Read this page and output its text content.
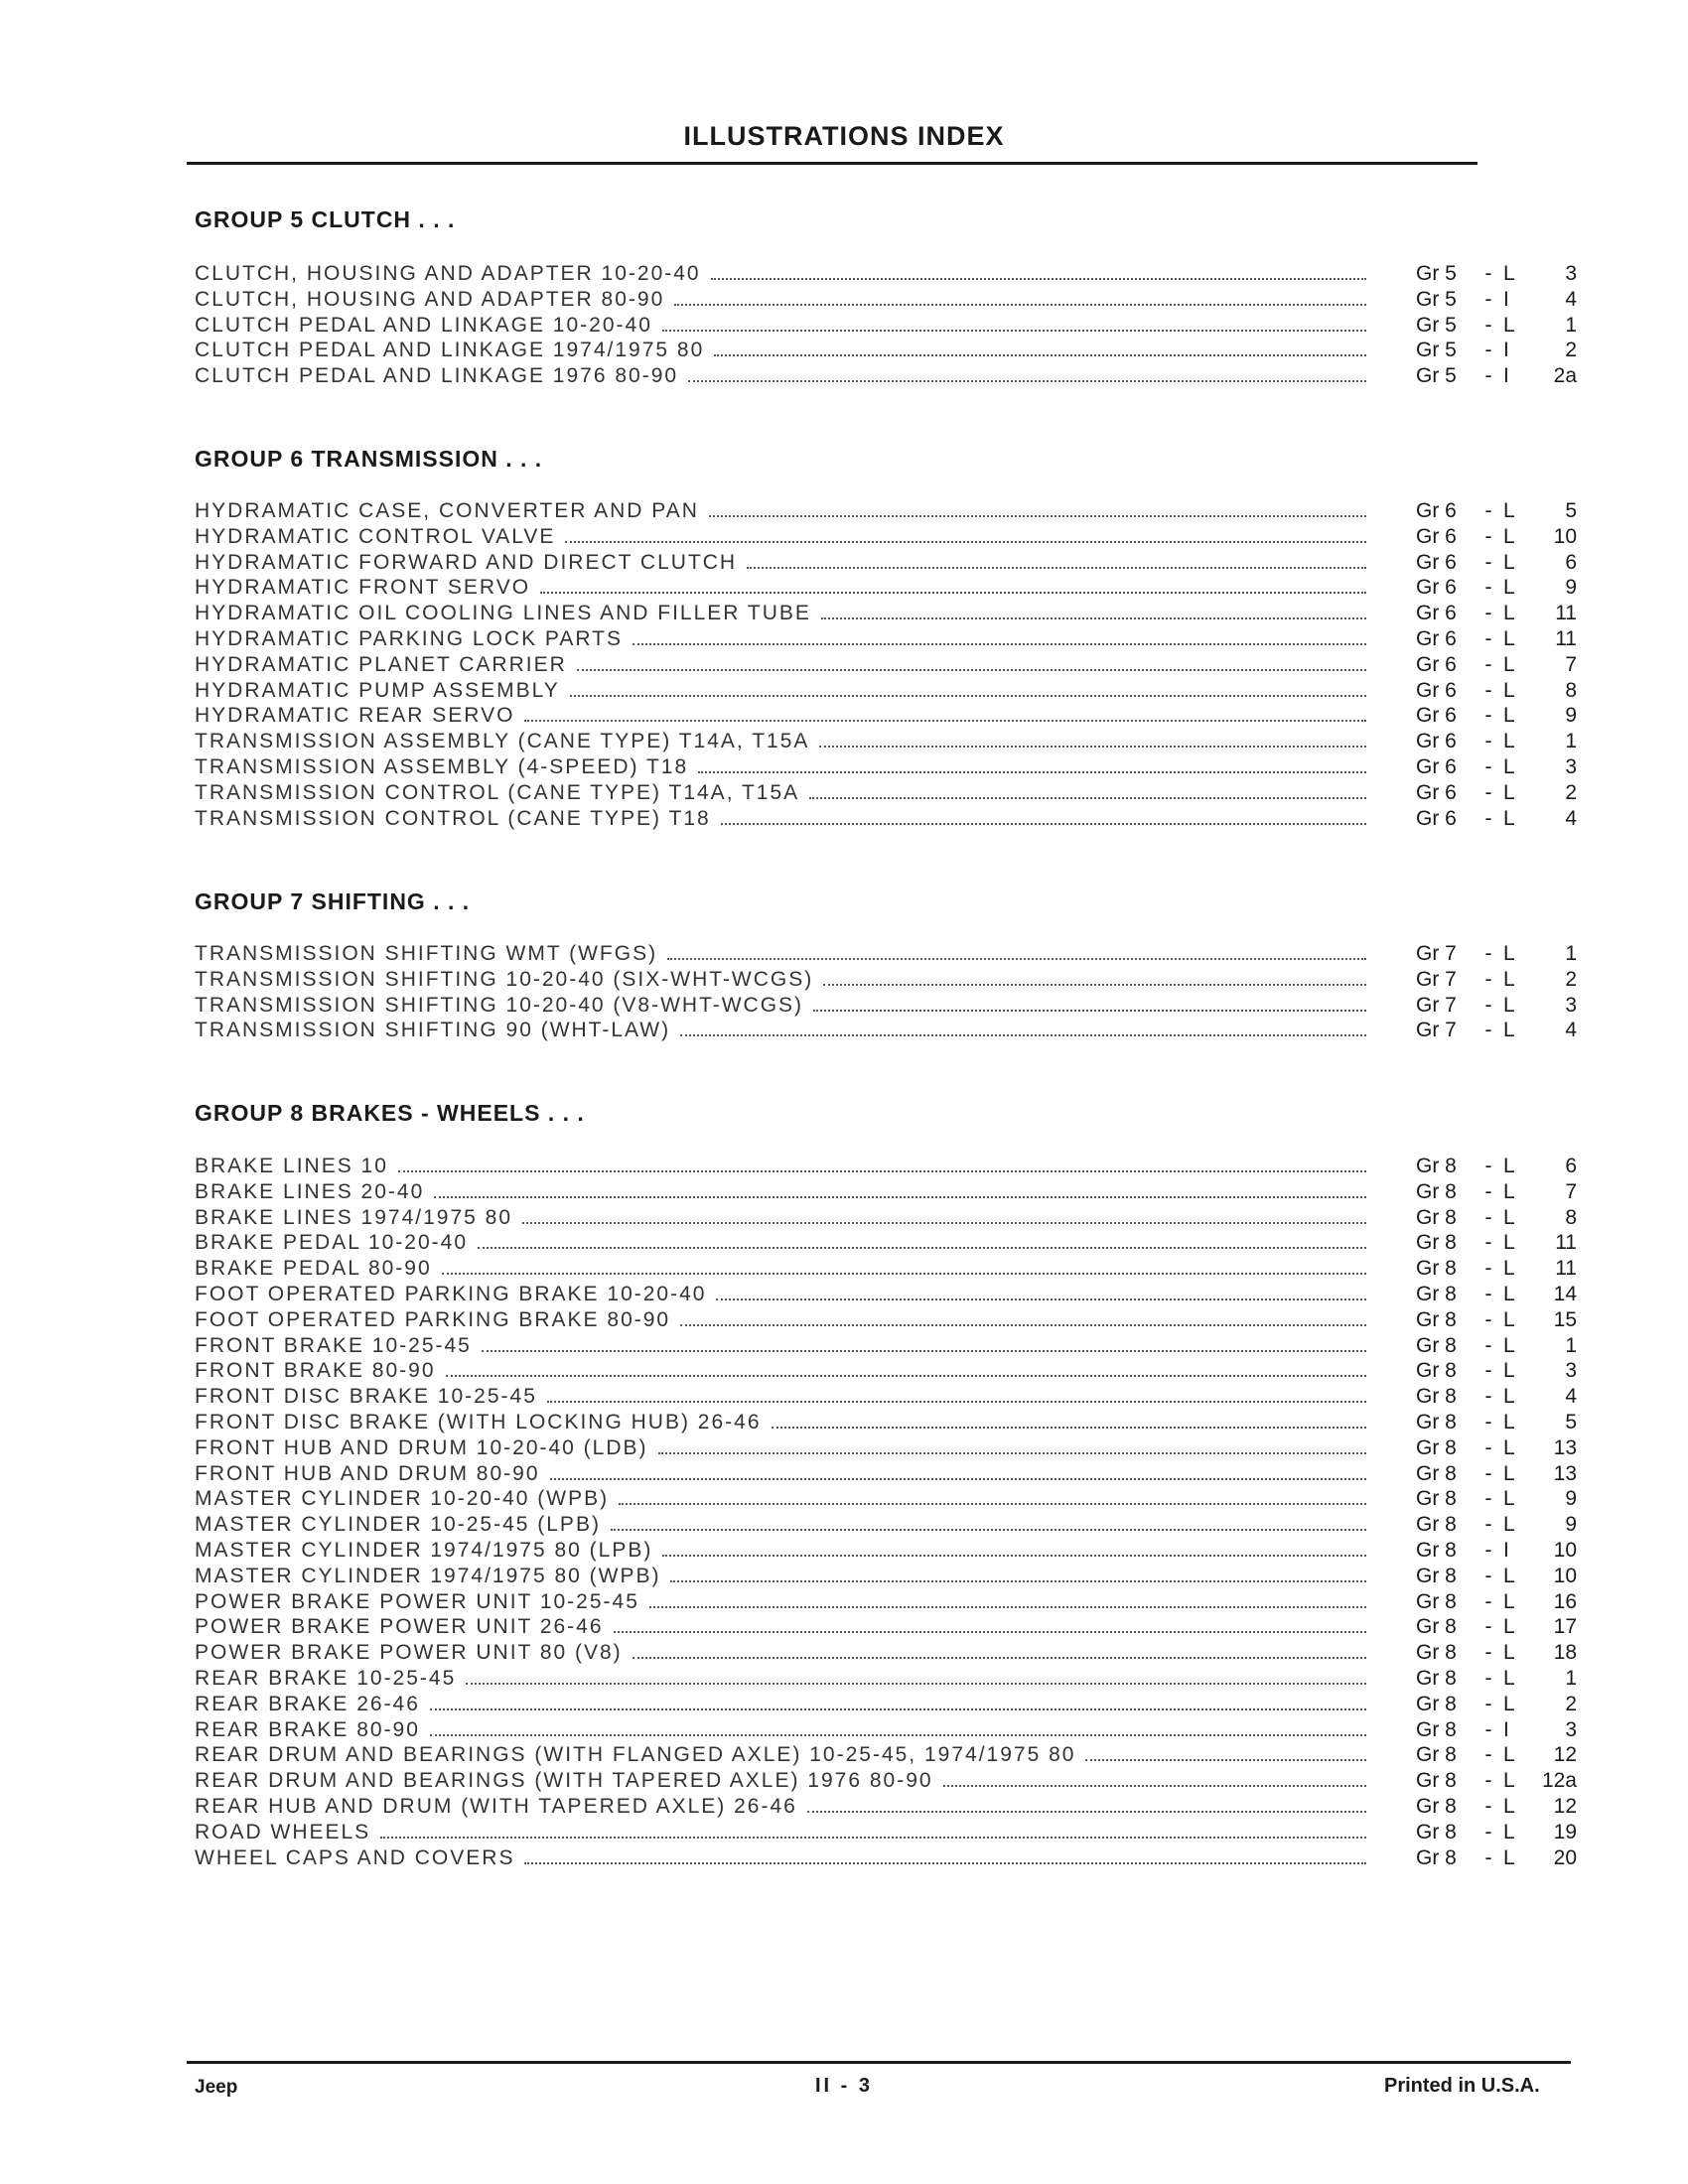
ILLUSTRATIONS INDEX
GROUP 5 CLUTCH . . .
CLUTCH, HOUSING AND ADAPTER 10-20-40	Gr 5	- L	3
CLUTCH, HOUSING AND ADAPTER 80-90	Gr 5	- I	4
CLUTCH PEDAL AND LINKAGE 10-20-40	Gr 5	- L	1
CLUTCH PEDAL AND LINKAGE 1974/1975 80	Gr 5	- I	2
CLUTCH PEDAL AND LINKAGE 1976 80-90	Gr 5	- I	2a
GROUP 6 TRANSMISSION . . .
HYDRAMATIC CASE, CONVERTER AND PAN	Gr 6	- L	5
HYDRAMATIC CONTROL VALVE	Gr 6	- L	10
HYDRAMATIC FORWARD AND DIRECT CLUTCH	Gr 6	- L	6
HYDRAMATIC FRONT SERVO	Gr 6	- L	9
HYDRAMATIC OIL COOLING LINES AND FILLER TUBE	Gr 6	- L	11
HYDRAMATIC PARKING LOCK PARTS	Gr 6	- L	11
HYDRAMATIC PLANET CARRIER	Gr 6	- L	7
HYDRAMATIC PUMP ASSEMBLY	Gr 6	- L	8
HYDRAMATIC REAR SERVO	Gr 6	- L	9
TRANSMISSION ASSEMBLY (CANE TYPE) T14A, T15A	Gr 6	- L	1
TRANSMISSION ASSEMBLY (4-SPEED) T18	Gr 6	- L	3
TRANSMISSION CONTROL (CANE TYPE) T14A, T15A	Gr 6	- L	2
TRANSMISSION CONTROL (CANE TYPE) T18	Gr 6	- L	4
GROUP 7 SHIFTING . . .
TRANSMISSION SHIFTING WMT (WFGS)	Gr 7	- L	1
TRANSMISSION SHIFTING 10-20-40 (SIX-WHT-WCGS)	Gr 7	- L	2
TRANSMISSION SHIFTING 10-20-40 (V8-WHT-WCGS)	Gr 7	- L	3
TRANSMISSION SHIFTING 90 (WHT-LAW)	Gr 7	- L	4
GROUP 8 BRAKES - WHEELS . . .
BRAKE LINES 10	Gr 8	- L	6
BRAKE LINES 20-40	Gr 8	- L	7
BRAKE LINES 1974/1975 80	Gr 8	- L	8
BRAKE PEDAL 10-20-40	Gr 8	- L	11
BRAKE PEDAL 80-90	Gr 8	- L	11
FOOT OPERATED PARKING BRAKE 10-20-40	Gr 8	- L	14
FOOT OPERATED PARKING BRAKE 80-90	Gr 8	- L	15
FRONT BRAKE 10-25-45	Gr 8	- L	1
FRONT BRAKE 80-90	Gr 8	- L	3
FRONT DISC BRAKE 10-25-45	Gr 8	- L	4
FRONT DISC BRAKE (WITH LOCKING HUB) 26-46	Gr 8	- L	5
FRONT HUB AND DRUM 10-20-40 (LDB)	Gr 8	- L	13
FRONT HUB AND DRUM 80-90	Gr 8	- L	13
MASTER CYLINDER 10-20-40 (WPB)	Gr 8	- L	9
MASTER CYLINDER 10-25-45 (LPB)	Gr 8	- L	9
MASTER CYLINDER 1974/1975 80 (LPB)	Gr 8	- I	10
MASTER CYLINDER 1974/1975 80 (WPB)	Gr 8	- L	10
POWER BRAKE POWER UNIT 10-25-45	Gr 8	- L	16
POWER BRAKE POWER UNIT 26-46	Gr 8	- L	17
POWER BRAKE POWER UNIT 80 (V8)	Gr 8	- L	18
REAR BRAKE 10-25-45	Gr 8	- L	1
REAR BRAKE 26-46	Gr 8	- L	2
REAR BRAKE 80-90	Gr 8	- I	3
REAR DRUM AND BEARINGS (WITH FLANGED AXLE) 10-25-45, 1974/1975 80	Gr 8	- L	12
REAR DRUM AND BEARINGS (WITH TAPERED AXLE) 1976 80-90	Gr 8	- L	12a
REAR HUB AND DRUM (WITH TAPERED AXLE) 26-46	Gr 8	- L	12
ROAD WHEELS	Gr 8	- L	19
WHEEL CAPS AND COVERS	Gr 8	- L	20
Jeep	II - 3	Printed in U.S.A.
